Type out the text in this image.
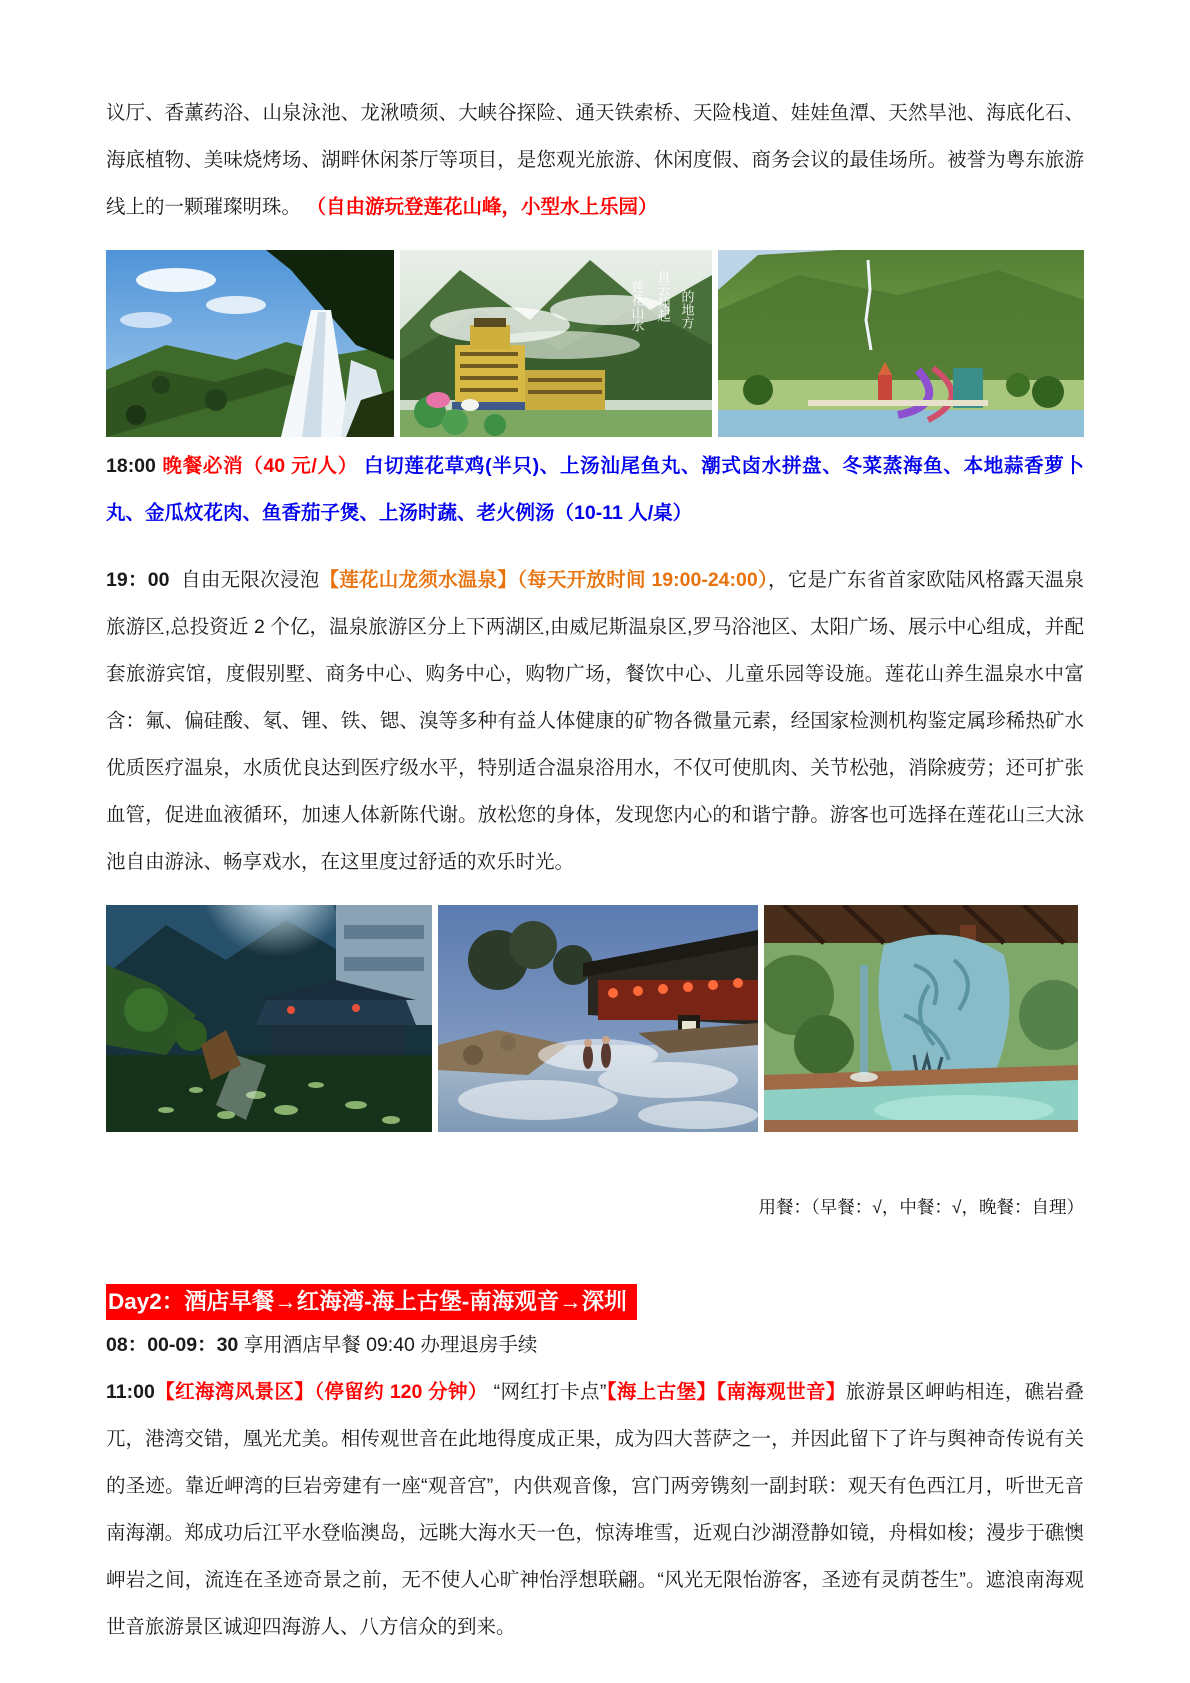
议厅、香薰药浴、山泉泳池、龙湫喷须、大峡谷探险、通天铁索桥、天险栈道、娃娃鱼潭、天然旱池、海底化石、海底植物、美味烧烤场、湖畔休闲茶厅等项目，是您观光旅游、休闲度假、商务会议的最佳场所。被誉为粤东旅游线上的一颗璀璨明珠。 （自由游玩登莲花山峰，小型水上乐园）

莲花山水 自云翔起 的地方

18:00 晚餐必消（40 元/人） 白切莲花草鸡(半只)、上汤汕尾鱼丸、潮式卤水拼盘、冬菜蒸海鱼、本地蒜香萝卜丸、金瓜炆花肉、鱼香茄子煲、上汤时蔬、老火例汤（10-11 人/桌）

19：00 自由无限次浸泡【莲花山龙须水温泉】（每天开放时间 19:00-24:00），它是广东省首家欧陆风格露天温泉旅游区,总投资近 2 个亿，温泉旅游区分上下两湖区,由威尼斯温泉区,罗马浴池区、太阳广场、展示中心组成，并配套旅游宾馆，度假别墅、商务中心、购务中心，购物广场，餐饮中心、儿童乐园等设施。莲花山养生温泉水中富含：氟、偏硅酸、氡、锂、铁、锶、溴等多种有益人体健康的矿物各微量元素，经国家检测机构鉴定属珍稀热矿水优质医疗温泉，水质优良达到医疗级水平，特别适合温泉浴用水，不仅可使肌肉、关节松弛，消除疲劳；还可扩张血管，促进血液循环，加速人体新陈代谢。放松您的身体，发现您内心的和谐宁静。游客也可选择在莲花山三大泳池自由游泳、畅享戏水，在这里度过舒适的欢乐时光。

用餐：（早餐：√，中餐：√，晚餐：自理）

Day2：酒店早餐→红海湾-海上古堡-南海观音→深圳

08：00-09：30 享用酒店早餐 09:40 办理退房手续

11:00【红海湾风景区】（停留约 120 分钟） “网红打卡点”【海上古堡】【南海观世音】旅游景区岬屿相连，礁岩叠兀，港湾交错，凰光尤美。相传观世音在此地得度成正果，成为四大菩萨之一，并因此留下了许与舆神奇传说有关的圣迹。靠近岬湾的巨岩旁建有一座“观音宫”，内供观音像，宫门两旁镌刻一副封联：观天有色西江月，听世无音南海潮。郑成功后江平水登临澳岛，远眺大海水天一色，惊涛堆雪，近观白沙湖澄静如镜，舟楫如梭；漫步于礁懊岬岩之间，流连在圣迹奇景之前，无不使人心旷神怡浮想联翩。“风光无限怡游客，圣迹有灵荫苍生”。遮浪南海观世音旅游景区诚迎四海游人、八方信众的到来。
